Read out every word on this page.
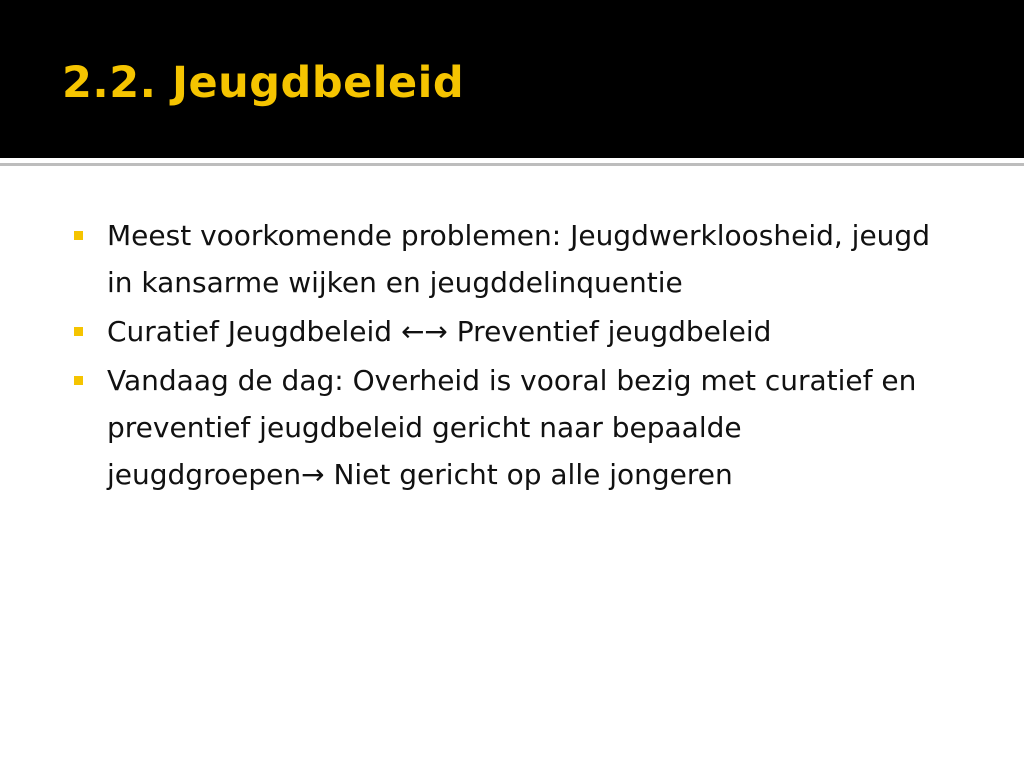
2.2. Jeugdbeleid
Meest voorkomende problemen: Jeugdwerkloosheid, jeugd in kansarme wijken en jeugddelinquentie
Curatief Jeugdbeleid ←→ Preventief jeugdbeleid
Vandaag de dag: Overheid is vooral bezig met curatief en preventief jeugdbeleid gericht naar bepaalde jeugdgroepen→ Niet gericht op alle jongeren
